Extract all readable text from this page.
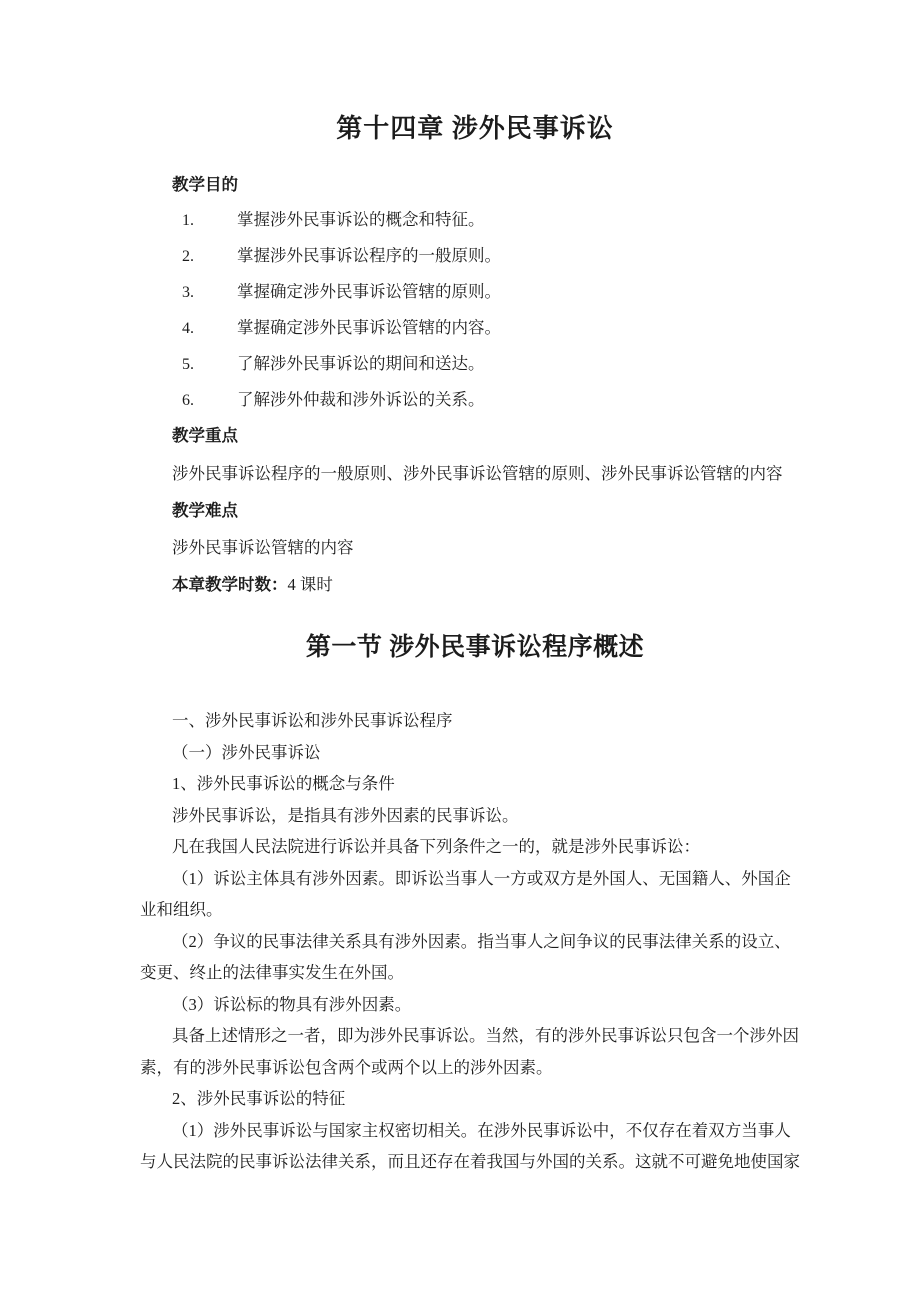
第十四章 涉外民事诉讼
教学目的
1.	掌握涉外民事诉讼的概念和特征。
2.	掌握涉外民事诉讼程序的一般原则。
3.	掌握确定涉外民事诉讼管辖的原则。
4.	掌握确定涉外民事诉讼管辖的内容。
5.	了解涉外民事诉讼的期间和送达。
6.	了解涉外仲裁和涉外诉讼的关系。
教学重点
涉外民事诉讼程序的一般原则、涉外民事诉讼管辖的原则、涉外民事诉讼管辖的内容
教学难点
涉外民事诉讼管辖的内容
本章教学时数：4 课时
第一节 涉外民事诉讼程序概述
一、涉外民事诉讼和涉外民事诉讼程序
（一）涉外民事诉讼
1、涉外民事诉讼的概念与条件
涉外民事诉讼，是指具有涉外因素的民事诉讼。
凡在我国人民法院进行诉讼并具备下列条件之一的，就是涉外民事诉讼：
（1）诉讼主体具有涉外因素。即诉讼当事人一方或双方是外国人、无国籍人、外国企
业和组织。
（2）争议的民事法律关系具有涉外因素。指当事人之间争议的民事法律关系的设立、
变更、终止的法律事实发生在外国。
（3）诉讼标的物具有涉外因素。
具备上述情形之一者，即为涉外民事诉讼。当然，有的涉外民事诉讼只包含一个涉外因
素，有的涉外民事诉讼包含两个或两个以上的涉外因素。
2、涉外民事诉讼的特征
（1）涉外民事诉讼与国家主权密切相关。在涉外民事诉讼中，不仅存在着双方当事人
与人民法院的民事诉讼法律关系，而且还存在着我国与外国的关系。这就不可避免地使国家
